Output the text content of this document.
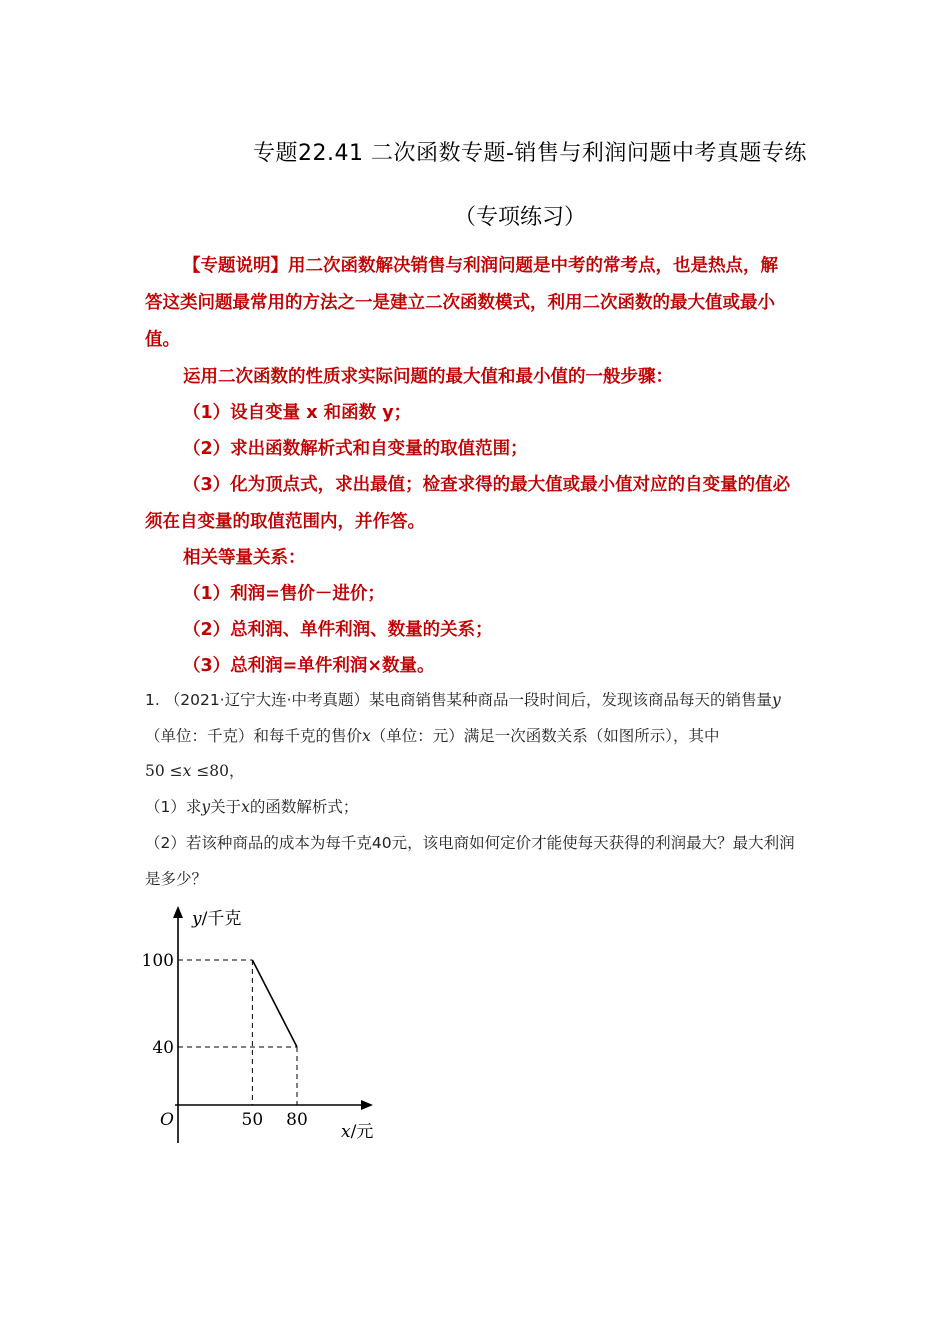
专题22.41 二次函数专题-销售与利润问题中考真题专练
（专项练习）
【专题说明】用二次函数解决销售与利润问题是中考的常考点，也是热点，解
答这类问题最常用的方法之一是建立二次函数模式，利用二次函数的最大值或最小
值。
运用二次函数的性质求实际问题的最大值和最小值的一般步骤：
（1）设自变量 x 和函数 y；
（2）求出函数解析式和自变量的取值范围；
（3）化为顶点式，求出最值；检查求得的最大值或最小值对应的自变量的值必
须在自变量的取值范围内，并作答。
相关等量关系：
（1）利润=售价－进价；
（2）总利润、单件利润、数量的关系；
（3）总利润=单件利润×数量。
1. （2021·辽宁大连·中考真题）某电商销售某种商品一段时间后，发现该商品每天的销售量y
（单位：千克）和每千克的售价x（单位：元）满足一次函数关系（如图所示），其中
50 ≤x ≤80，
（1）求y关于x的函数解析式；
（2）若该种商品的成本为每千克40元，该电商如何定价才能使每天获得的利润最大？最大利润
是多少？
100
40
50 80
O
y/千克
x/元
